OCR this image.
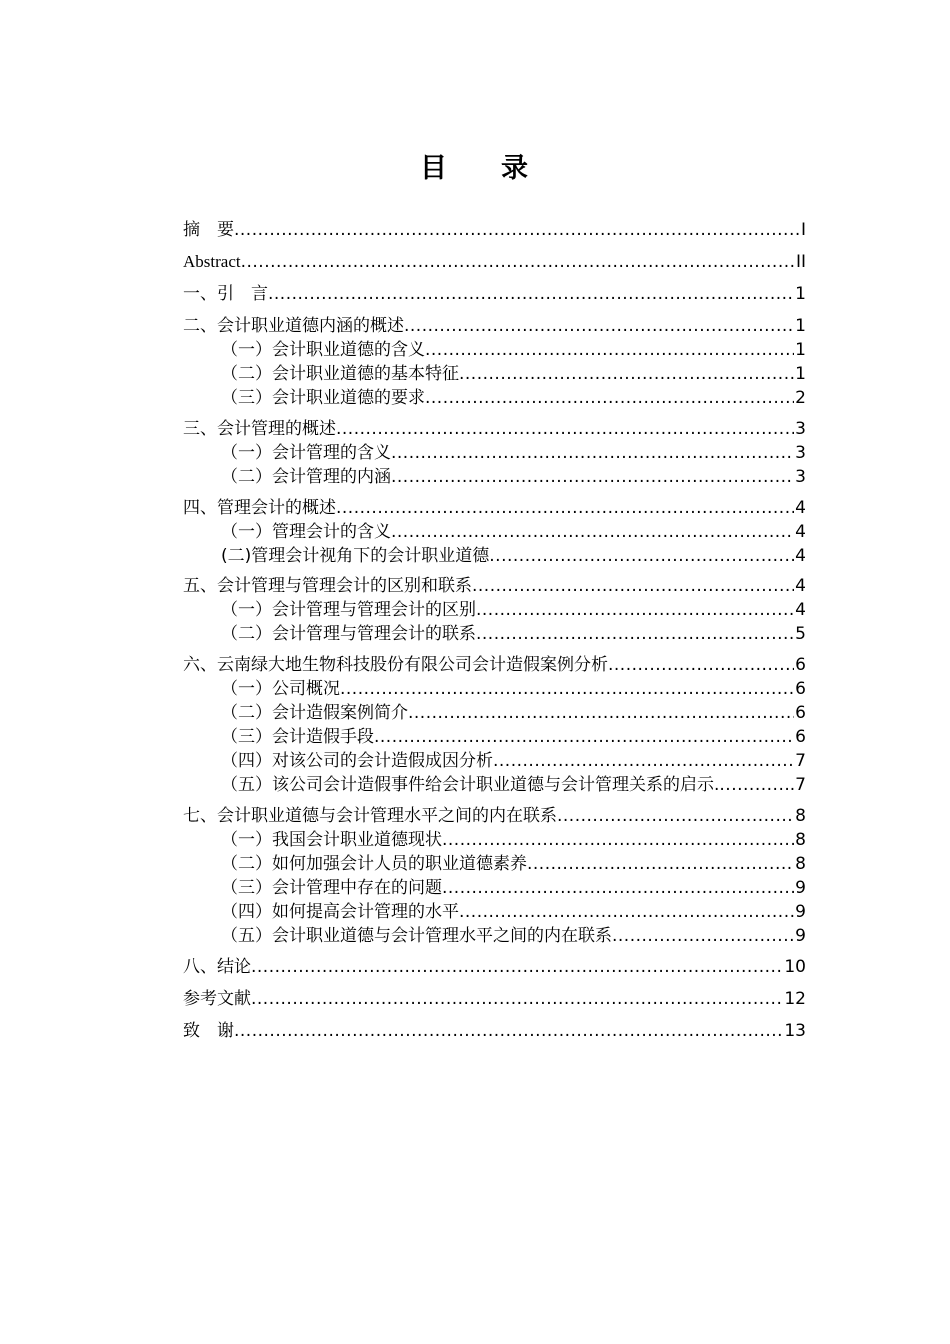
目 录
摘　要 .....	I
Abstract .....	II
一、引　言 .....	1
二、会计职业道德内涵的概述 .....	1
（一）会计职业道德的含义 .....	1
（二）会计职业道德的基本特征 .....	1
（三）会计职业道德的要求 .....	2
三、会计管理的概述 .....	3
（一）会计管理的含义 .....	3
（二）会计管理的内涵 .....	3
四、管理会计的概述 .....	4
（一）管理会计的含义 .....	4
(二)管理会计视角下的会计职业道德 .....	4
五、会计管理与管理会计的区别和联系 .....	4
（一）会计管理与管理会计的区别 .....	4
（二）会计管理与管理会计的联系 .....	5
六、云南绿大地生物科技股份有限公司会计造假案例分析 .....	6
（一）公司概况 .....	6
（二）会计造假案例简介 .....	6
（三）会计造假手段 .....	6
（四）对该公司的会计造假成因分析 .....	7
（五）该公司会计造假事件给会计职业道德与会计管理关系的启示. .....	.7
七、会计职业道德与会计管理水平之间的内在联系 .....	8
（一）我国会计职业道德现状 .....	8
（二）如何加强会计人员的职业道德素养 .....	8
（三）会计管理中存在的问题 .....	9
（四）如何提高会计管理的水平 .....	9
（五）会计职业道德与会计管理水平之间的内在联系 .....	9
八、结论 .....	10
参考文献 .....	12
致　谢 .....	13
